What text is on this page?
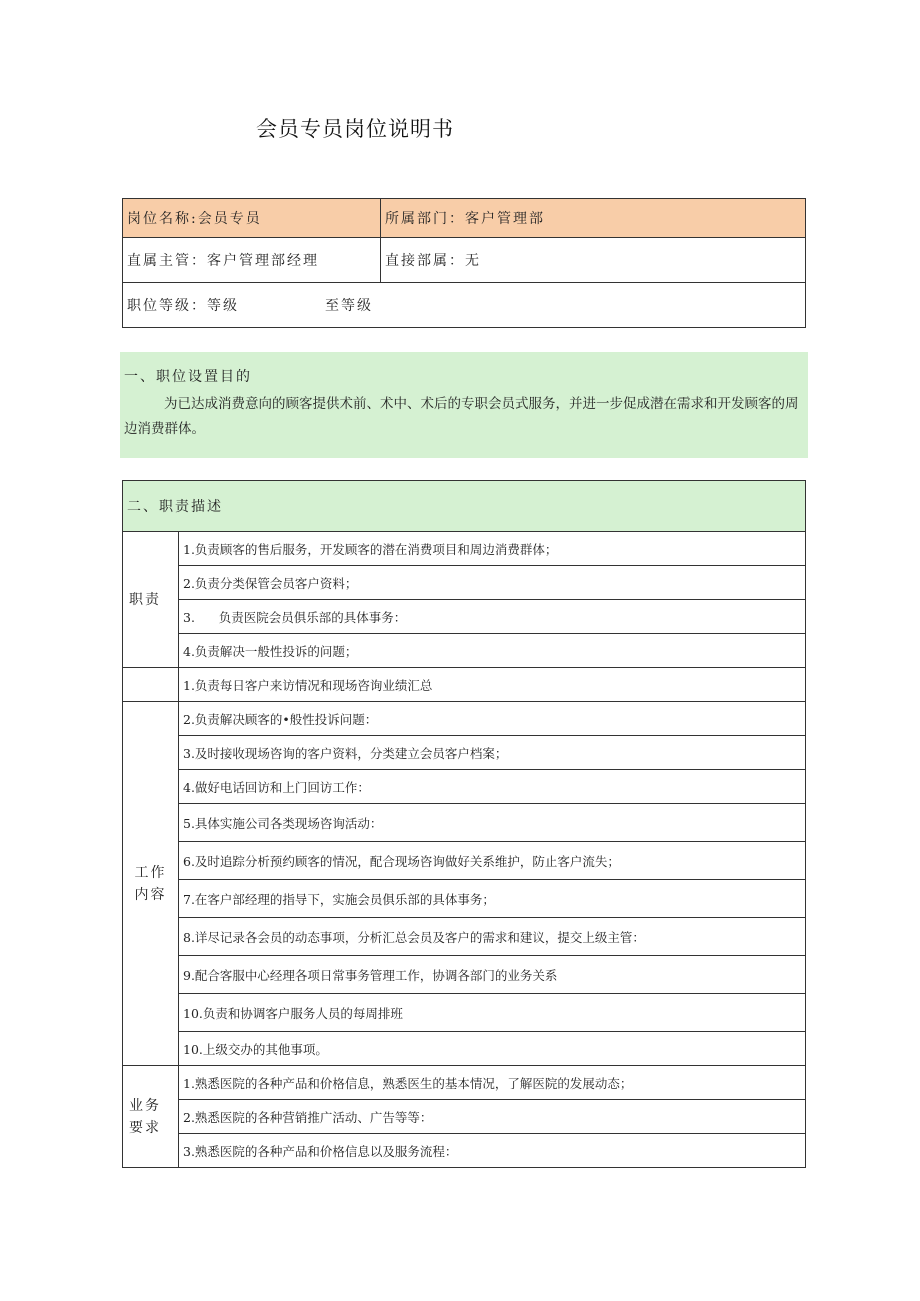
会员专员岗位说明书
岗位名称:会员专员	所属部门：客户管理部
直属主管：客户管理部经理	直接部属：无
职位等级：等级 至等级	
一、职位设置目的
为已达成消费意向的顾客提供术前、术中、术后的专职会员式服务，并进一步促成潜在需求和开发顾客的周边消费群体。
二、职责描述	
职责	1.负责顾客的售后服务，开发顾客的潜在消费项目和周边消费群体；
	2.负责分类保管会员客户资料；
	3.      负责医院会员俱乐部的具体事务：
	4.负责解决一般性投诉的问题；
	1.负责每日客户来访情况和现场咨询业绩汇总
工作内容	2.负责解决顾客的•般性投诉问题：
	3.及时接收现场咨询的客户资料，分类建立会员客户档案；
	4.做好电话回访和上门回访工作：
	5.具体实施公司各类现场咨询活动：
	6.及时追踪分析预约顾客的情况，配合现场咨询做好关系维护，防止客户流失；
	7.在客户部经理的指导下，实施会员俱乐部的具体事务；
	8.详尽记录各会员的动态事项，分析汇总会员及客户的需求和建议，提交上级主管：
	9.配合客服中心经理各项日常事务管理工作，协调各部门的业务关系
	10.负责和协调客户服务人员的每周排班
	10.上级交办的其他事项。
业务要求	1.熟悉医院的各种产品和价格信息，熟悉医生的基本情况，了解医院的发展动态；
	2.熟悉医院的各种营销推广活动、广告等等：
	3.熟悉医院的各种产品和价格信息以及服务流程：
